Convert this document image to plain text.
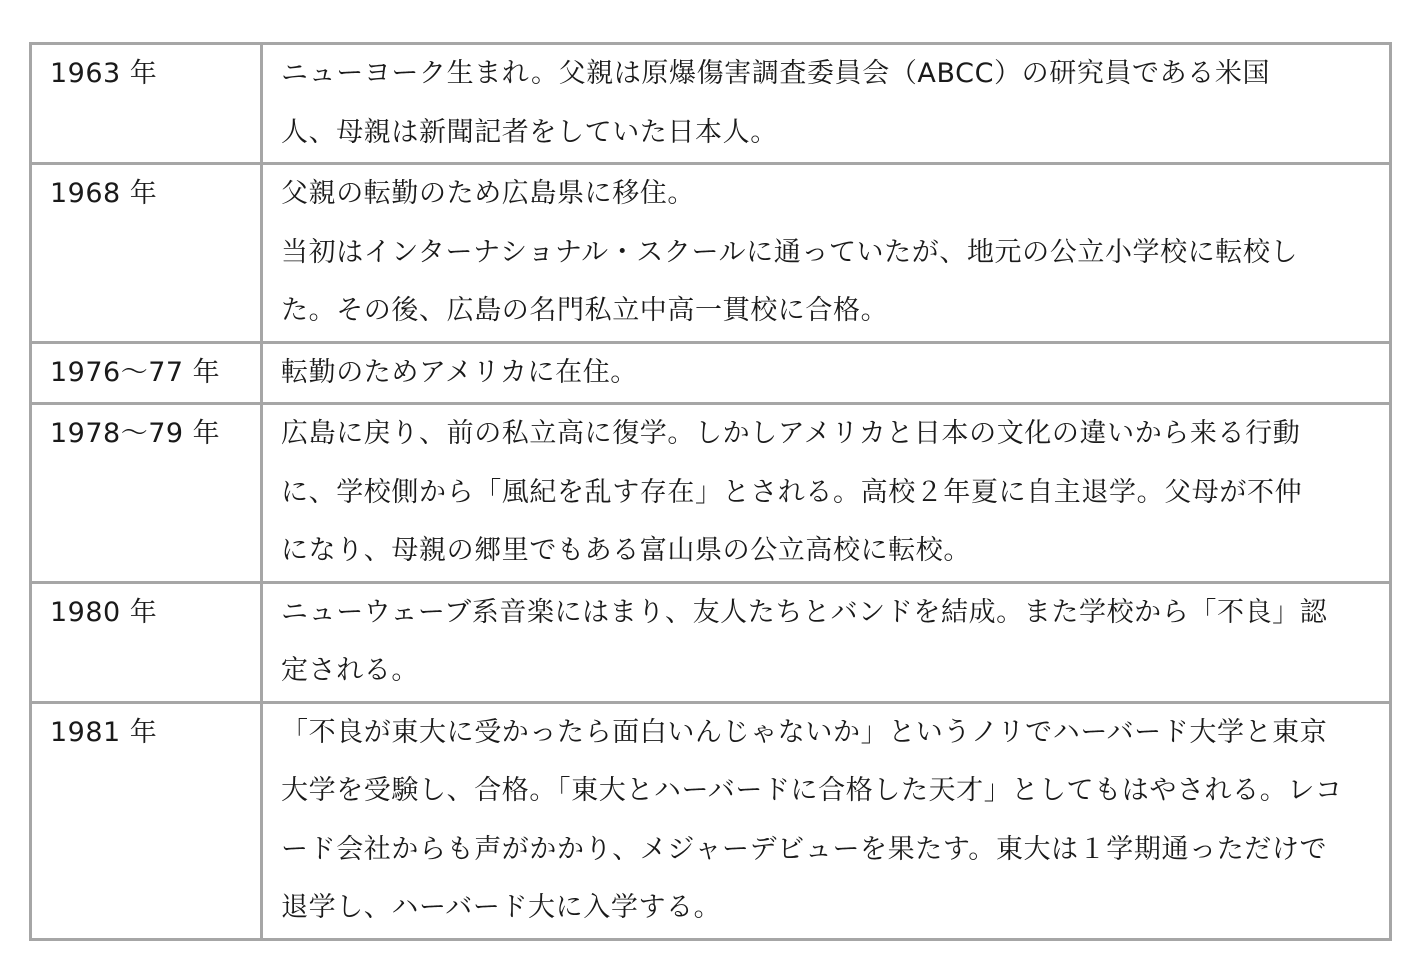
1963 年	ニューヨーク生まれ。父親は原爆傷害調査委員会（ABCC）の研究員である米国
人、母親は新聞記者をしていた日本人。

1968 年	父親の転勤のため広島県に移住。
当初はインターナショナル・スクールに通っていたが、地元の公立小学校に転校し
た。その後、広島の名門私立中高一貫校に合格。

1976～77 年	転勤のためアメリカに在住。

1978～79 年	広島に戻り、前の私立高に復学。しかしアメリカと日本の文化の違いから来る行動
に、学校側から「風紀を乱す存在」とされる。高校２年夏に自主退学。父母が不仲
になり、母親の郷里でもある富山県の公立高校に転校。

1980 年	ニューウェーブ系音楽にはまり、友人たちとバンドを結成。また学校から「不良」認
定される。

1981 年	「不良が東大に受かったら面白いんじゃないか」というノリでハーバード大学と東京
大学を受験し、合格。「東大とハーバードに合格した天才」としてもはやされる。レコ
ード会社からも声がかかり、メジャーデビューを果たす。東大は１学期通っただけで
退学し、ハーバード大に入学する。
